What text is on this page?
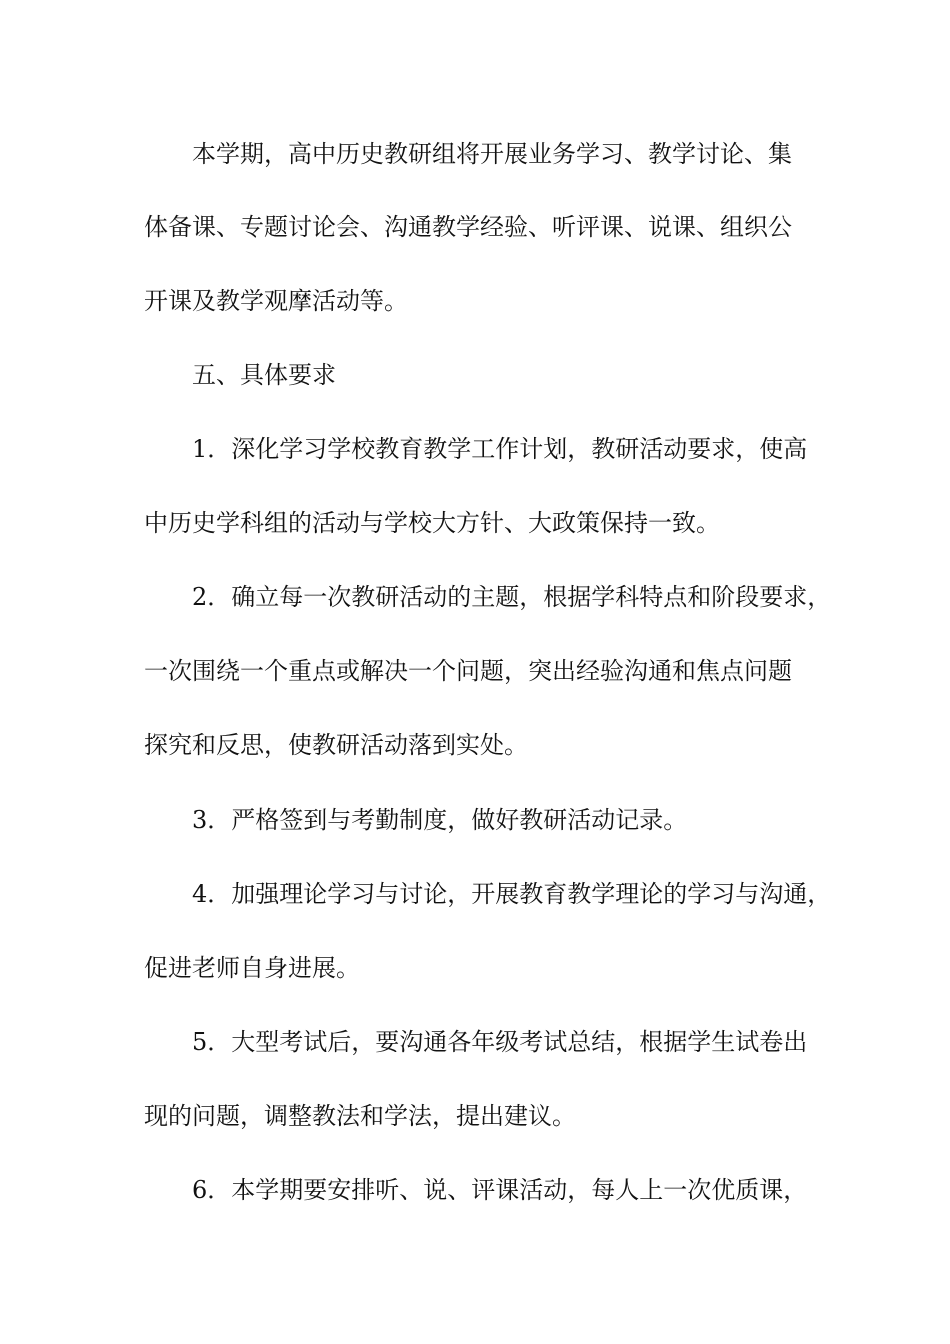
本学期，高中历史教研组将开展业务学习、教学讨论、集
体备课、专题讨论会、沟通教学经验、听评课、说课、组织公
开课及教学观摩活动等。
五、具体要求
1．深化学习学校教育教学工作计划，教研活动要求，使高
中历史学科组的活动与学校大方针、大政策保持一致。
2．确立每一次教研活动的主题，根据学科特点和阶段要求，
一次围绕一个重点或解决一个问题，突出经验沟通和焦点问题
探究和反思，使教研活动落到实处。
3．严格签到与考勤制度，做好教研活动记录。
4．加强理论学习与讨论，开展教育教学理论的学习与沟通，
促进老师自身进展。
5．大型考试后，要沟通各年级考试总结，根据学生试卷出
现的问题，调整教法和学法，提出建议。
6．本学期要安排听、说、评课活动，每人上一次优质课，
